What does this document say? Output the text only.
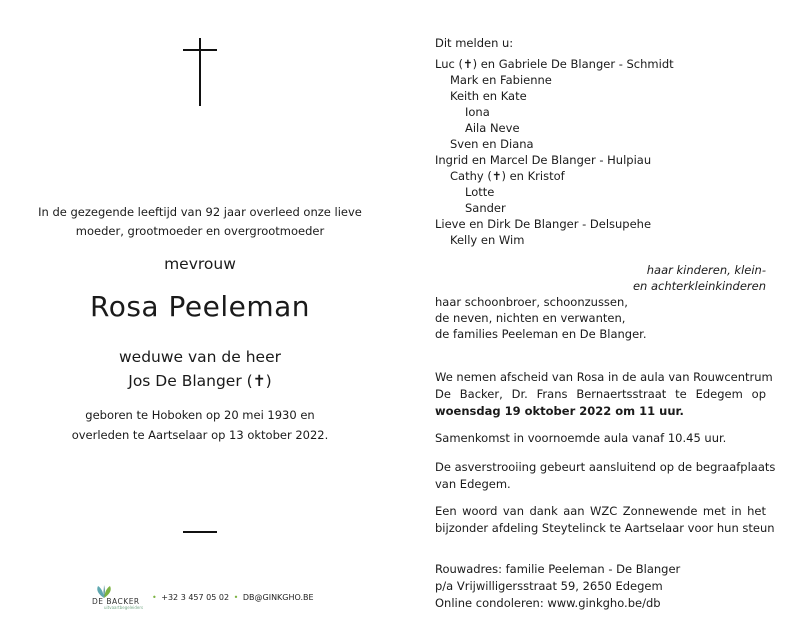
In de gezegende leeftijd van 92 jaar overleed onze lieve
moeder, grootmoeder en overgrootmoeder
mevrouw
Rosa Peeleman
weduwe van de heer
Jos De Blanger (✝)
geboren te Hoboken op 20 mei 1930 en
overleden te Aartselaar op 13 oktober 2022.
DE BACKER
uitvaartbegeleiders
• +32 3 457 05 02 • DB@GINKGHO.BE
Dit melden u:
Luc (✝) en Gabriele De Blanger - Schmidt
Mark en Fabienne
Keith en Kate
Iona
Aila Neve
Sven en Diana
Ingrid en Marcel De Blanger - Hulpiau
Cathy (✝) en Kristof
Lotte
Sander
Lieve en Dirk De Blanger - Delsupehe
Kelly en Wim
haar kinderen, klein-
en achterkleinkinderen
haar schoonbroer, schoonzussen,
de neven, nichten en verwanten,
de families Peeleman en De Blanger.
We nemen afscheid van Rosa in de aula van Rouwcentrum
De Backer, Dr. Frans Bernaertsstraat te Edegem op
woensdag 19 oktober 2022 om 11 uur.
Samenkomst in voornoemde aula vanaf 10.45 uur.
De asverstrooiing gebeurt aansluitend op de begraafplaats
van Edegem.
Een woord van dank aan WZC Zonnewende met in het
bijzonder afdeling Steytelinck te Aartselaar voor hun steun
Rouwadres: familie Peeleman - De Blanger
p/a Vrijwilligersstraat 59, 2650 Edegem
Online condoleren: www.ginkgho.be/db
